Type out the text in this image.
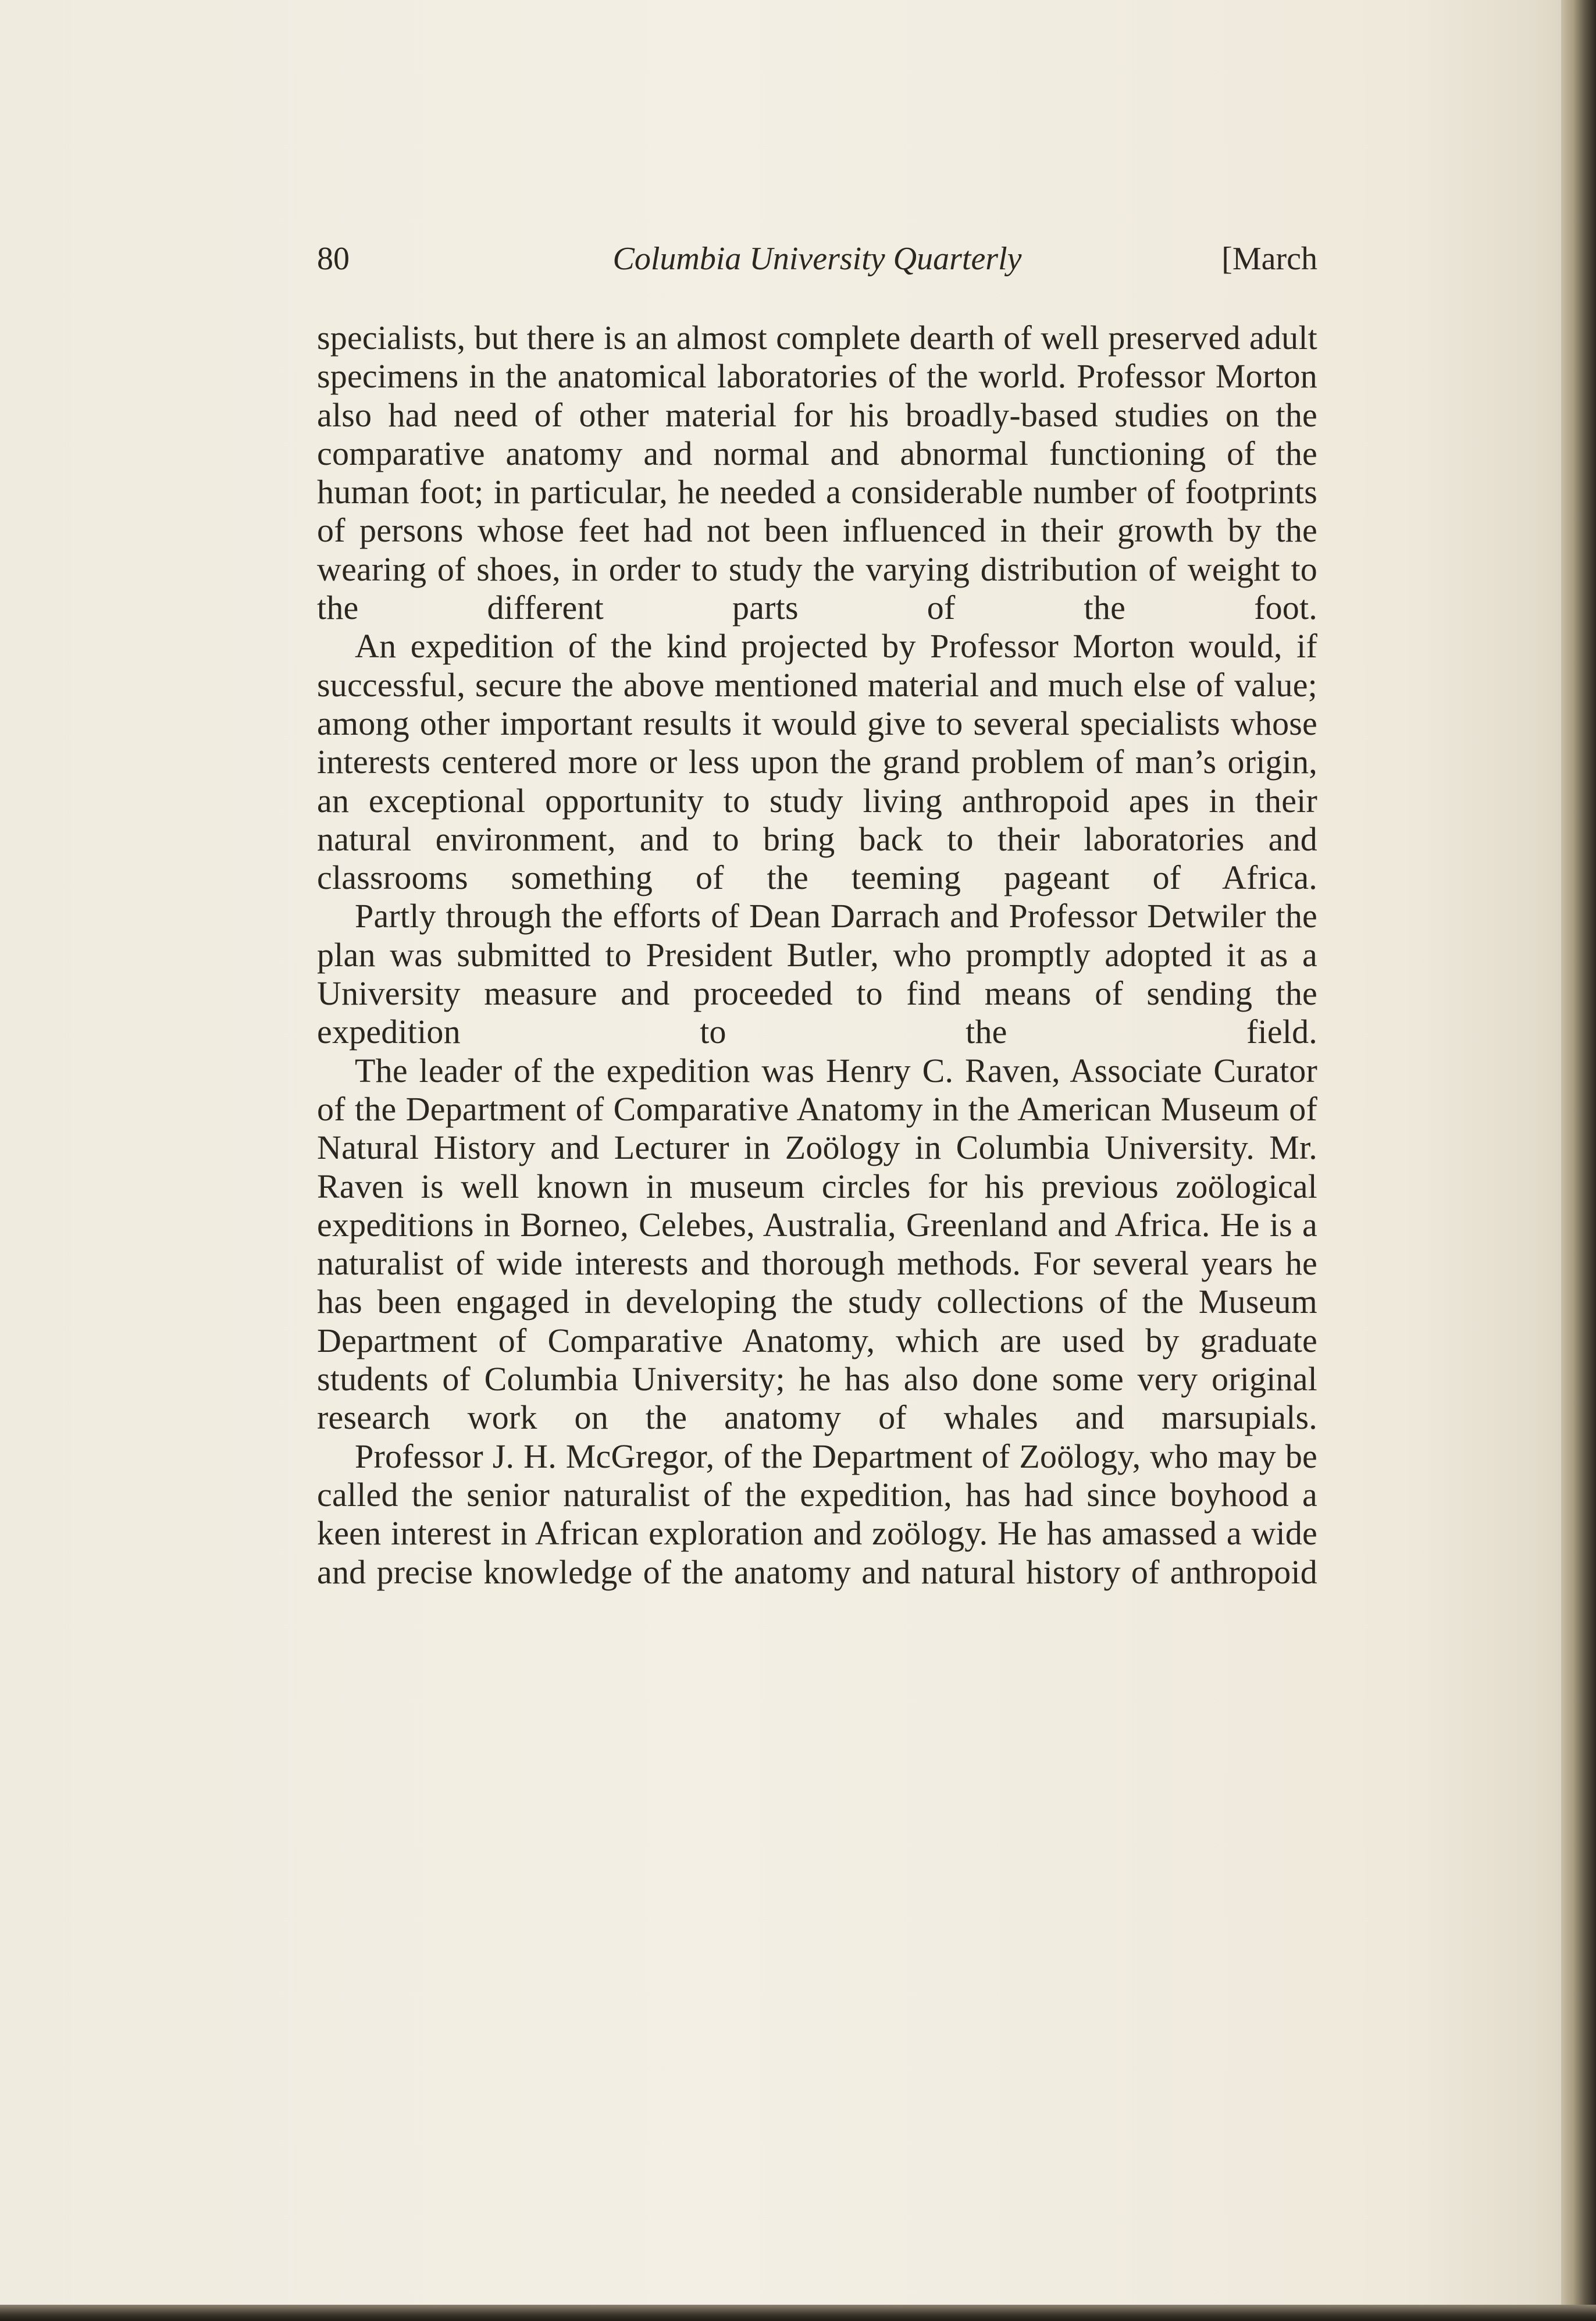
80	Columbia University Quarterly	[March

specialists, but there is an almost complete dearth of well preserved adult specimens in the anatomical laboratories of the world. Professor Morton also had need of other material for his broadly-based studies on the comparative anatomy and normal and abnormal functioning of the human foot; in particular, he needed a considerable number of footprints of persons whose feet had not been influenced in their growth by the wearing of shoes, in order to study the varying distribution of weight to the different parts of the foot.

An expedition of the kind projected by Professor Morton would, if successful, secure the above mentioned material and much else of value; among other important results it would give to several specialists whose interests centered more or less upon the grand problem of man’s origin, an exceptional opportunity to study living anthropoid apes in their natural environment, and to bring back to their laboratories and classrooms something of the teeming pageant of Africa.

Partly through the efforts of Dean Darrach and Professor Detwiler the plan was submitted to President Butler, who promptly adopted it as a University measure and proceeded to find means of sending the expedition to the field.

The leader of the expedition was Henry C. Raven, Associate Curator of the Department of Comparative Anatomy in the American Museum of Natural History and Lecturer in Zoölogy in Columbia University. Mr. Raven is well known in museum circles for his previous zoölogical expeditions in Borneo, Celebes, Australia, Greenland and Africa. He is a naturalist of wide interests and thorough methods. For several years he has been engaged in developing the study collections of the Museum Department of Comparative Anatomy, which are used by graduate students of Columbia University; he has also done some very original research work on the anatomy of whales and marsupials.

Professor J. H. McGregor, of the Department of Zoölogy, who may be called the senior naturalist of the expedition, has had since boyhood a keen interest in African exploration and zoölogy. He has amassed a wide and precise knowledge of the anatomy and natural history of anthropoid
